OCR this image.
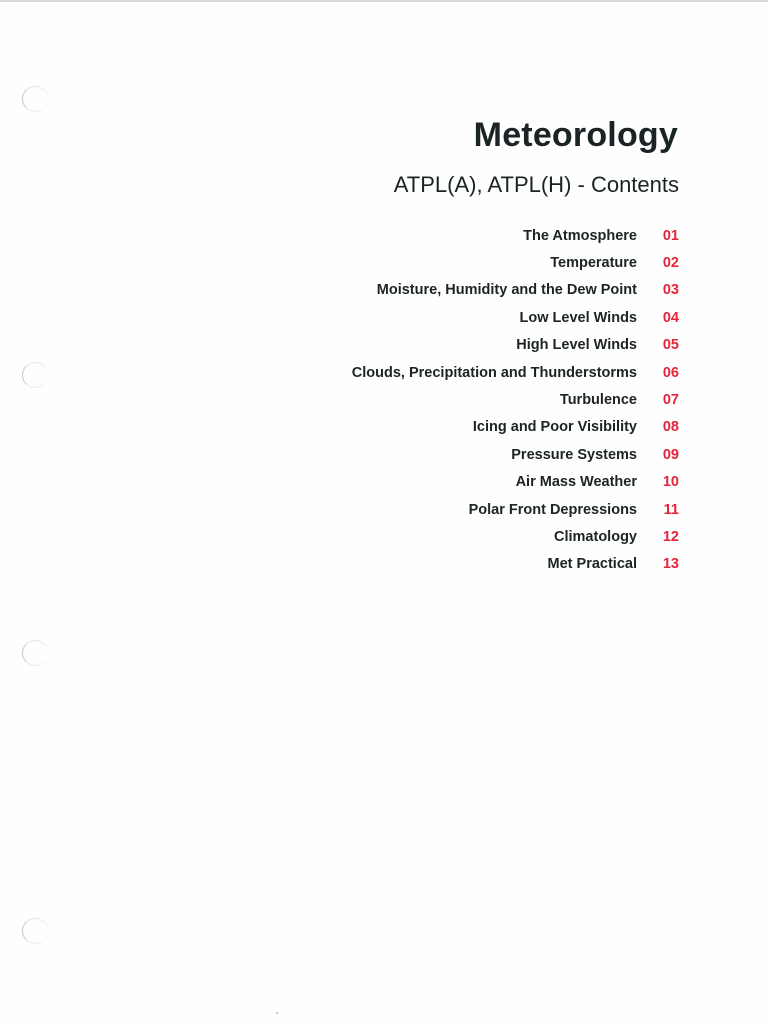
Meteorology
ATPL(A), ATPL(H) - Contents
The Atmosphere	01
Temperature	02
Moisture, Humidity and the Dew Point	03
Low Level Winds	04
High Level Winds	05
Clouds, Precipitation and Thunderstorms	06
Turbulence	07
Icing and Poor Visibility	08
Pressure Systems	09
Air Mass Weather	10
Polar Front Depressions	11
Climatology	12
Met Practical	13
